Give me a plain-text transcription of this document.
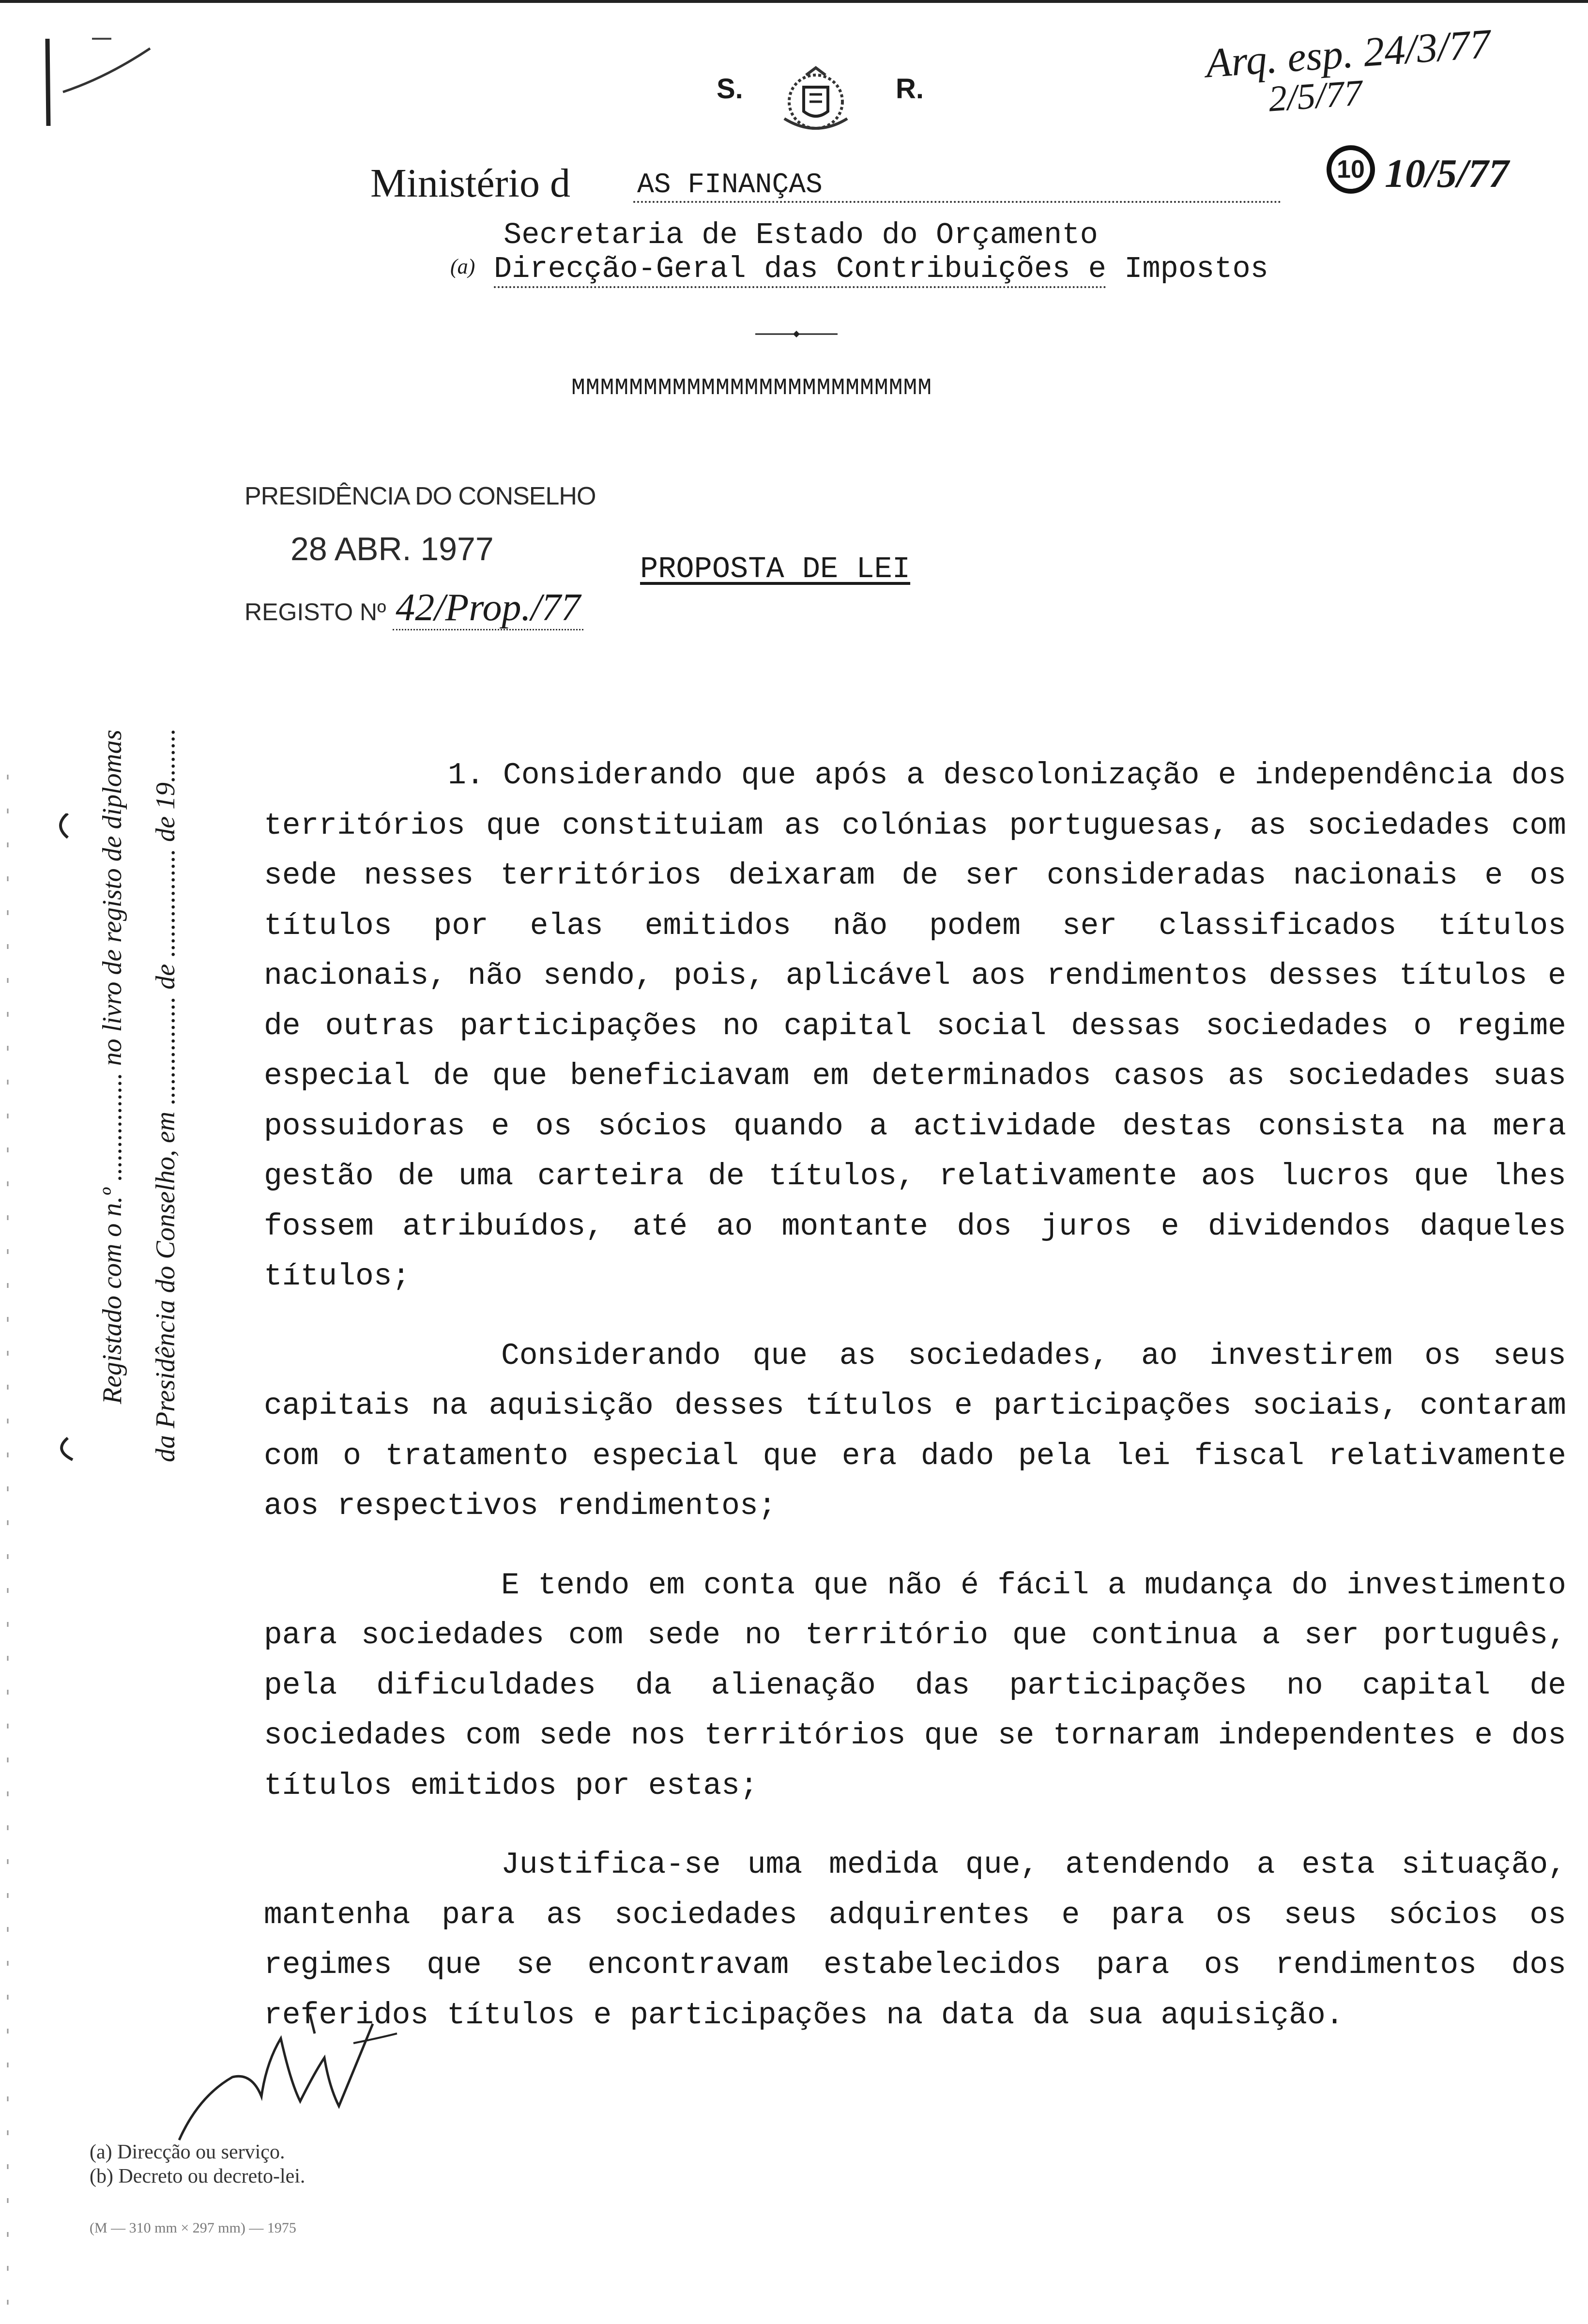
S.	R.
Ministério d AS FINANÇAS
Secretaria de Estado do Orçamento
(a) Direcção-Geral das Contribuições e Impostos
MMMMMMMMMMMMMMMMMMMMMMMMM
Arq. esp. 24/3/77
2/5/77
10 10/5/77
PRESIDÊNCIA DO CONSELHO
28 ABR. 1977
REGISTO Nº 42/Prop./77
PROPOSTA DE LEI
Registado com o n.º ................ no livro de registo de diplomas da Presidência do Conselho, em ................ de ................ de 19........	1. Considerando que após a descolonização e independência dos territórios que constituiam as colónias portuguesas, as sociedades com sede nesses territórios deixaram de ser consideradas nacionais e os títulos por elas emitidos não podem ser classificados títulos nacionais, não sendo, pois, aplicável aos rendimentos desses títulos e de outras participações no capital social dessas sociedades o regime especial de que beneficiavam em determinados casos as sociedades suas possuidoras e os sócios quando a actividade destas consista na mera gestão de uma carteira de títulos, relativamente aos lucros que lhes fossem atribuídos, até ao montante dos juros e dividendos daqueles títulos;

Considerando que as sociedades, ao investirem os seus capitais na aquisição desses títulos e participações sociais, contaram com o tratamento especial que era dado pela lei fiscal relativamente aos respectivos rendimentos;

E tendo em conta que não é fácil a mudança do investimento para sociedades com sede no território que continua a ser português, pela dificuldades da alienação das participações no capital de sociedades com sede nos territórios que se tornaram independentes e dos títulos emitidos por estas;

Justifica-se uma medida que, atendendo a esta situação, mantenha para as sociedades adquirentes e para os seus sócios os regimes que se encontravam estabelecidos para os rendimentos dos referidos títulos e participações na data da sua aquisição.

(a) Direcção ou serviço.
(b) Decreto ou decreto-lei.
(M — 310 mm × 297 mm) — 1975
